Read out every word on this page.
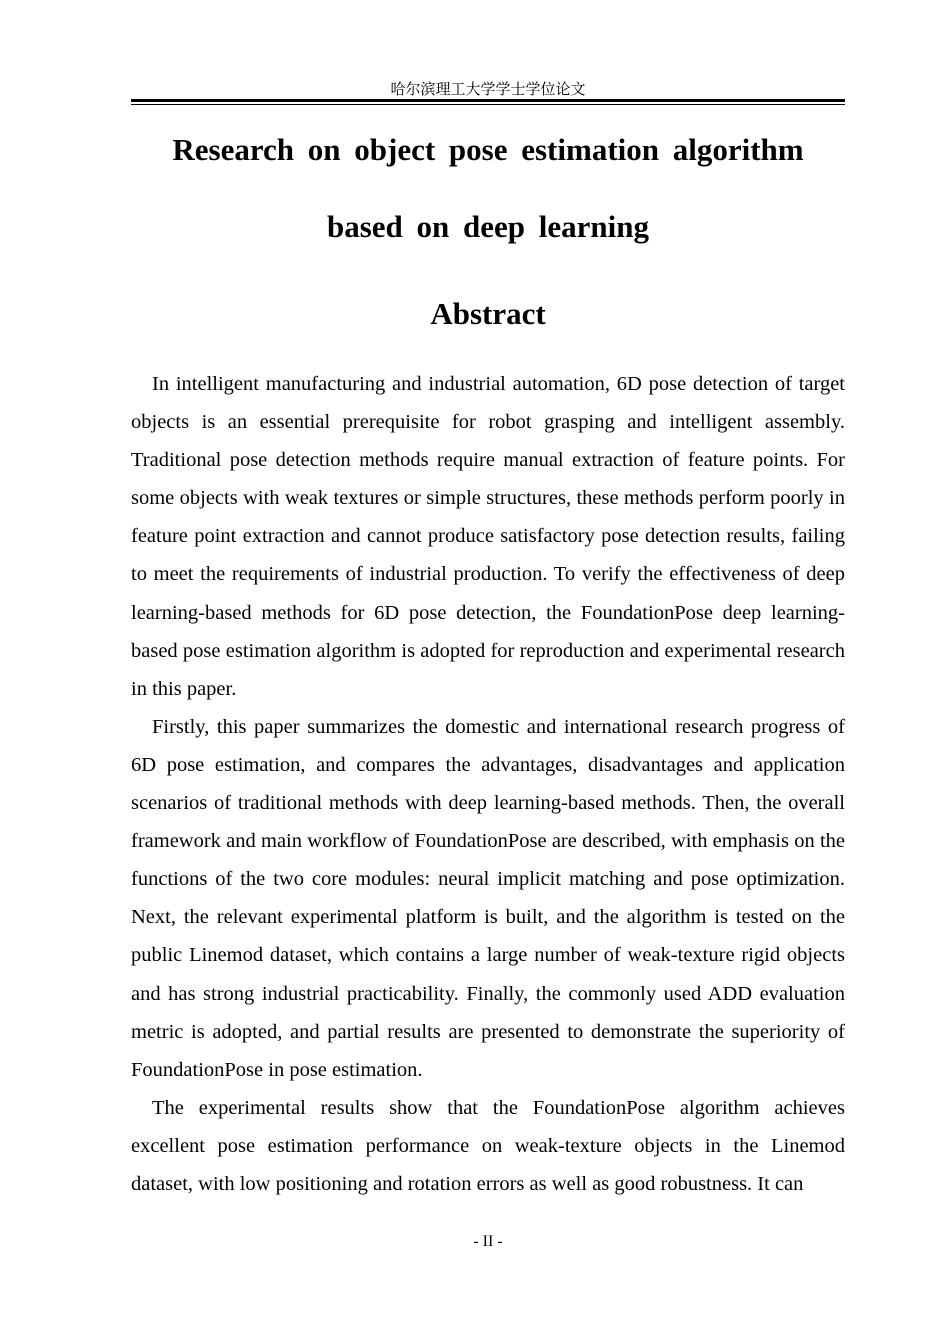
哈尔滨理工大学学士学位论文
Research on object pose estimation algorithm
based on deep learning
Abstract

In intelligent manufacturing and industrial automation, 6D pose detection of target objects is an essential prerequisite for robot grasping and intelligent assembly. Traditional pose detection methods require manual extraction of feature points. For some objects with weak textures or simple structures, these methods perform poorly in feature point extraction and cannot produce satisfactory pose detection results, failing to meet the requirements of industrial production. To verify the effectiveness of deep learning-based methods for 6D pose detection, the FoundationPose deep learning-based pose estimation algorithm is adopted for reproduction and experimental research in this paper.

Firstly, this paper summarizes the domestic and international research progress of 6D pose estimation, and compares the advantages, disadvantages and application scenarios of traditional methods with deep learning-based methods. Then, the overall framework and main workflow of FoundationPose are described, with emphasis on the functions of the two core modules: neural implicit matching and pose optimization. Next, the relevant experimental platform is built, and the algorithm is tested on the public Linemod dataset, which contains a large number of weak-texture rigid objects and has strong industrial practicability. Finally, the commonly used ADD evaluation metric is adopted, and partial results are presented to demonstrate the superiority of FoundationPose in pose estimation.

The experimental results show that the FoundationPose algorithm achieves excellent pose estimation performance on weak-texture objects in the Linemod dataset, with low positioning and rotation errors as well as good robustness. It can

- II -
